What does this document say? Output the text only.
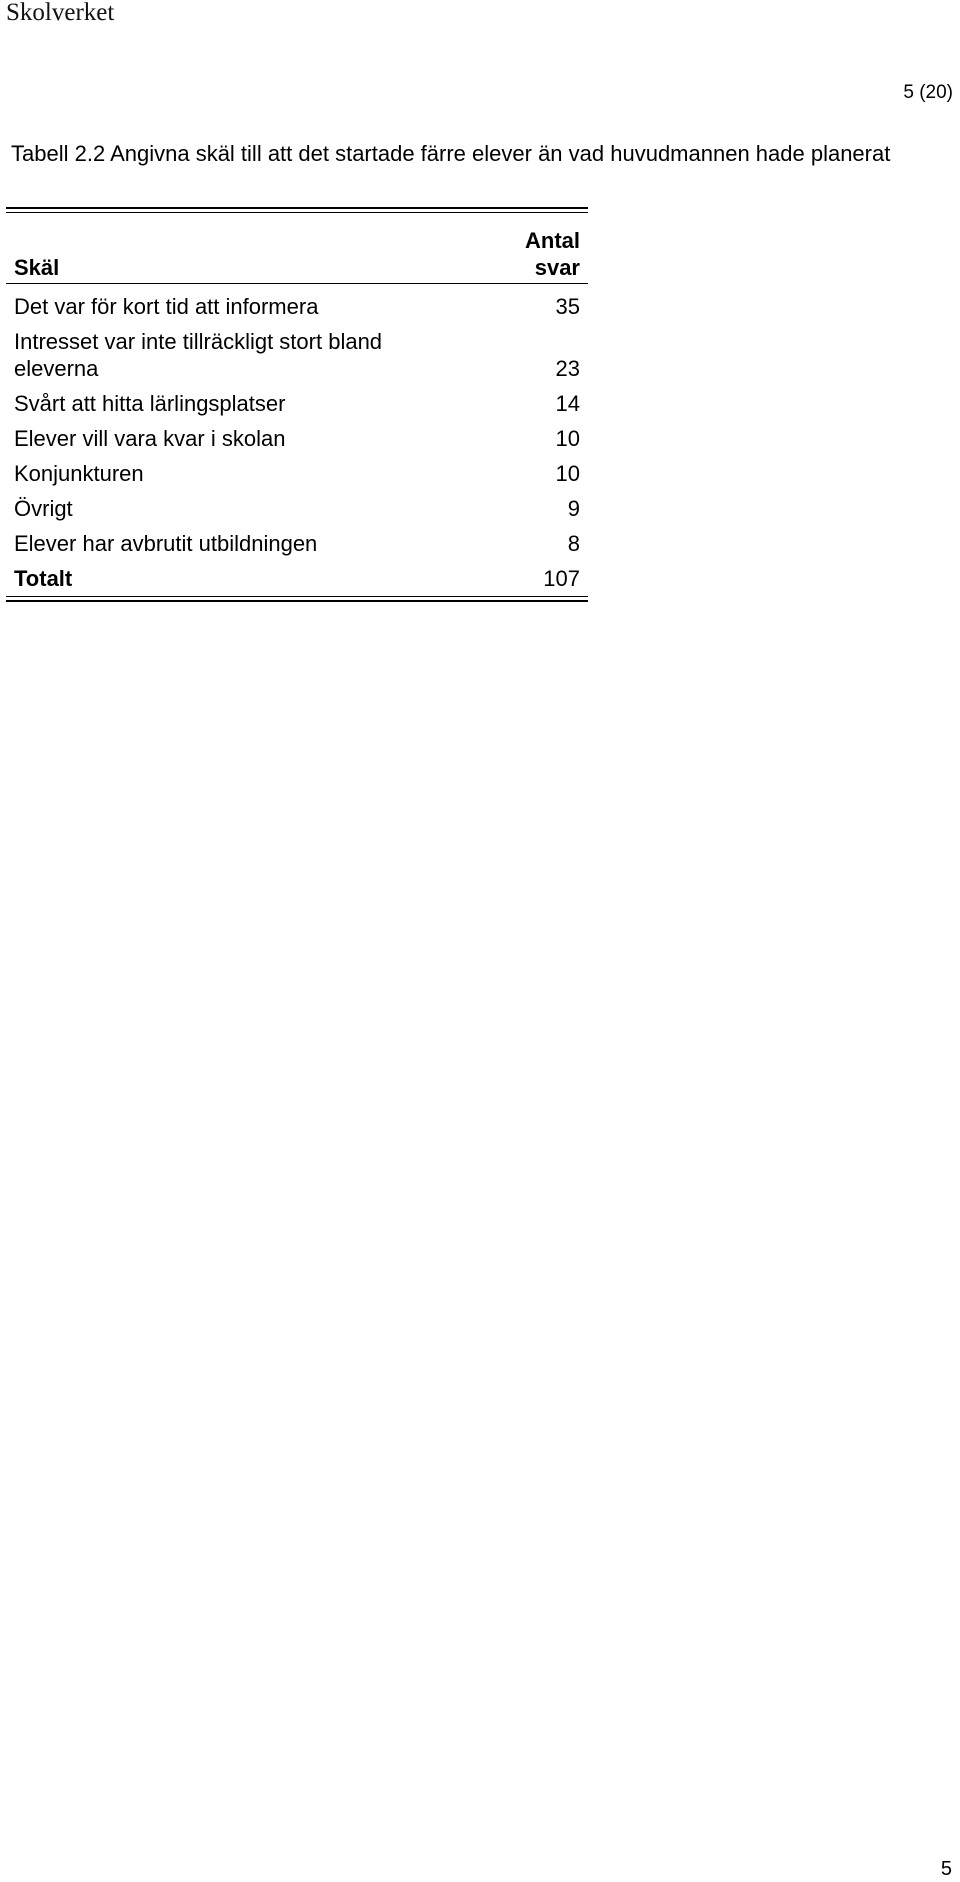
Skolverket
5 (20)
Tabell 2.2 Angivna skäl till att det startade färre elever än vad huvudmannen hade planerat
Skäl	Antal svar
Det var för kort tid att informera	35
Intresset var inte tillräckligt stort bland eleverna	23
Svårt att hitta lärlingsplatser	14
Elever vill vara kvar i skolan	10
Konjunkturen	10
Övrigt	9
Elever har avbrutit utbildningen	8
Totalt	107
5
